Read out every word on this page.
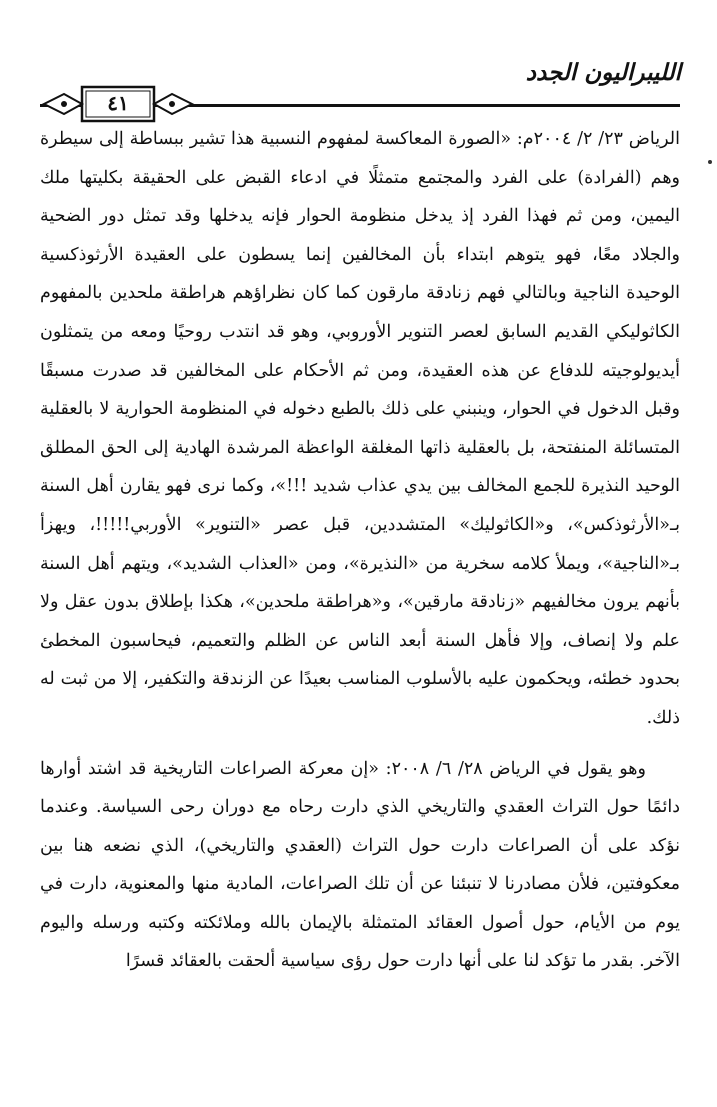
الليبراليون الجدد
٤١

الرياض ٢٣/ ٢/ ٢٠٠٤م: «الصورة المعاكسة لمفهوم النسبية هذا تشير ببساطة إلى سيطرة وهم (الفرادة) على الفرد والمجتمع متمثلًا في ادعاء القبض على الحقيقة بكليتها ملك اليمين، ومن ثم فهذا الفرد إذ يدخل منظومة الحوار فإنه يدخلها وقد تمثل دور الضحية والجلاد معًا، فهو يتوهم ابتداء بأن المخالفين إنما يسطون على العقيدة الأرثوذكسية الوحيدة الناجية وبالتالي فهم زنادقة مارقون كما كان نظراؤهم هراطقة ملحدين بالمفهوم الكاثوليكي القديم السابق لعصر التنوير الأوروبي، وهو قد انتدب روحيًا ومعه من يتمثلون أيديولوجيته للدفاع عن هذه العقيدة، ومن ثم الأحكام على المخالفين قد صدرت مسبقًا وقبل الدخول في الحوار، وينبني على ذلك بالطبع دخوله في المنظومة الحوارية لا بالعقلية المتسائلة المنفتحة، بل بالعقلية ذاتها المغلقة الواعظة المرشدة الهادية إلى الحق المطلق الوحيد النذيرة للجمع المخالف بين يدي عذاب شديد !!!»، وكما نرى فهو يقارن أهل السنة بـ«الأرثوذكس»، و«الكاثوليك» المتشددين، قبل عصر «التنوير» الأوربي!!!!!، ويهزأ بـ«الناجية»، ويملأ كلامه سخرية من «النذيرة»، ومن «العذاب الشديد»، ويتهم أهل السنة بأنهم يرون مخالفيهم «زنادقة مارقين»، و«هراطقة ملحدين»، هكذا بإطلاق بدون عقل ولا علم ولا إنصاف، وإلا فأهل السنة أبعد الناس عن الظلم والتعميم، فيحاسبون المخطئ بحدود خطئه، ويحكمون عليه بالأسلوب المناسب بعيدًا عن الزندقة والتكفير، إلا من ثبت له ذلك.

وهو يقول في الرياض ٢٨/ ٦/ ٢٠٠٨: «إن معركة الصراعات التاريخية قد اشتد أوارها دائمًا حول التراث العقدي والتاريخي الذي دارت رحاه مع دوران رحى السياسة. وعندما نؤكد على أن الصراعات دارت حول التراث (العقدي والتاريخي)، الذي نضعه هنا بين معكوفتين، فلأن مصادرنا لا تنبئنا عن أن تلك الصراعات، المادية منها والمعنوية، دارت في يوم من الأيام، حول أصول العقائد المتمثلة بالإيمان بالله وملائكته وكتبه ورسله واليوم الآخر. بقدر ما تؤكد لنا على أنها دارت حول رؤى سياسية ألحقت بالعقائد قسرًا
